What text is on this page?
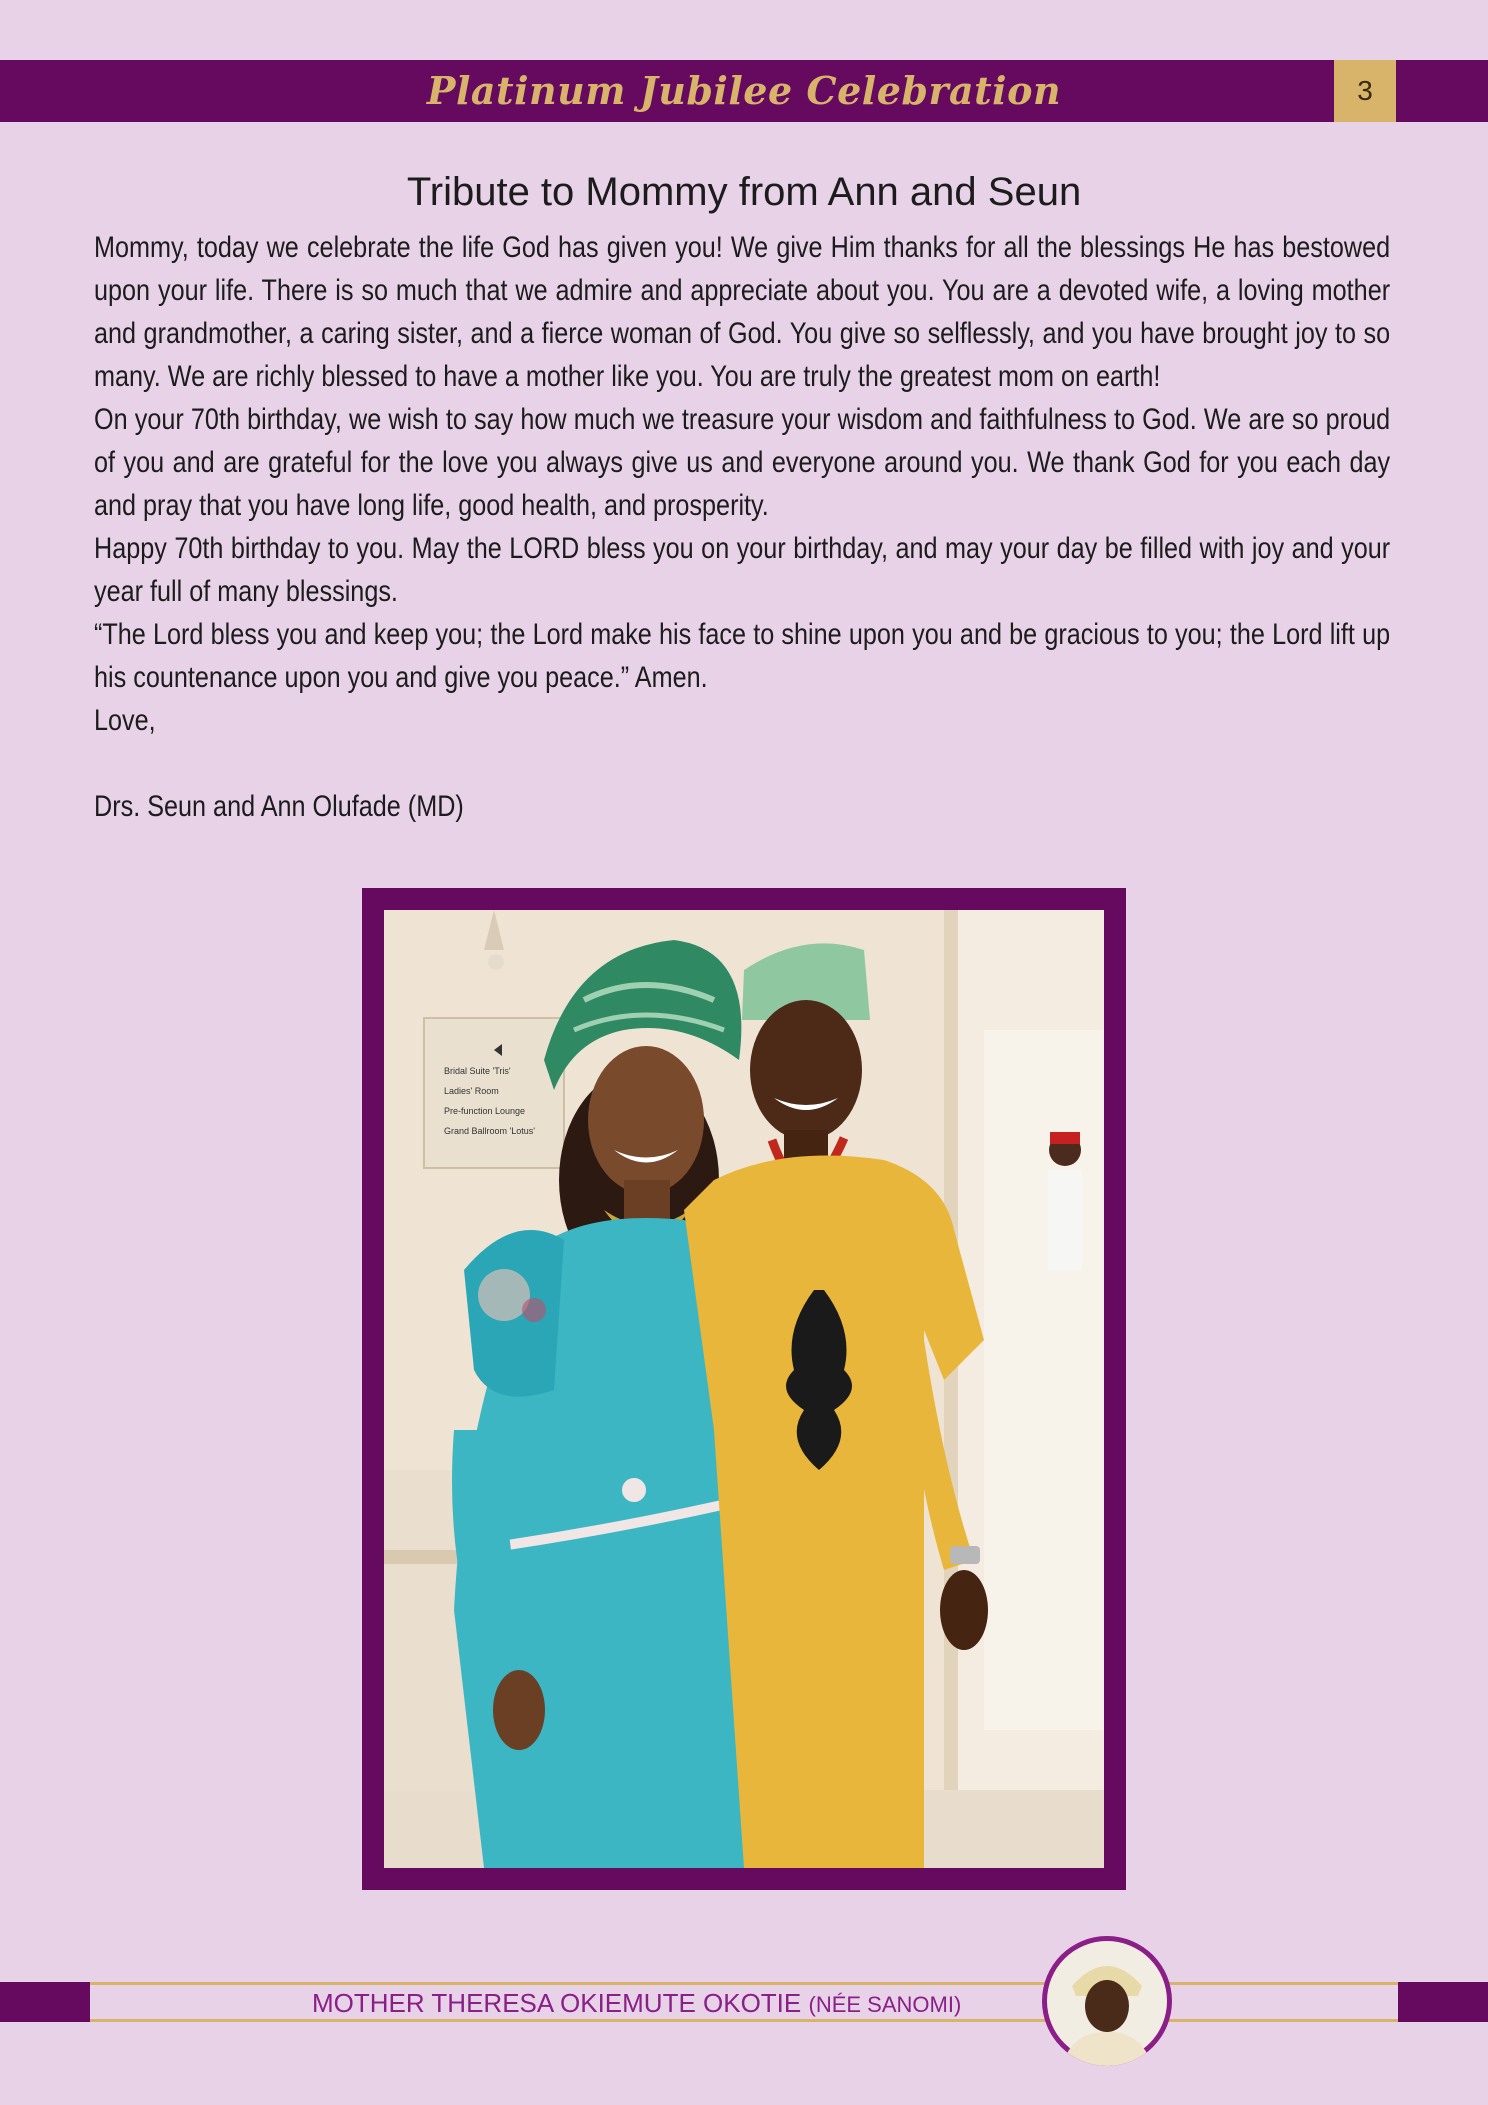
Platinum Jubilee Celebration	3
Tribute to Mommy from Ann and Seun

Mommy, today we celebrate the life God has given you! We give Him thanks for all the blessings He has bestowed upon your life. There is so much that we admire and appreciate about you. You are a devoted wife, a loving mother and grandmother, a caring sister, and a fierce woman of God. You give so selflessly, and you have brought joy to so many. We are richly blessed to have a mother like you. You are truly the greatest mom on earth!

On your 70th birthday, we wish to say how much we treasure your wisdom and faithfulness to God. We are so proud of you and are grateful for the love you always give us and everyone around you. We thank God for you each day and pray that you have long life, good health, and prosperity.

Happy 70th birthday to you. May the LORD bless you on your birthday, and may your day be filled with joy and your year full of many blessings.

“The Lord bless you and keep you; the Lord make his face to shine upon you and be gracious to you; the Lord lift up his countenance upon you and give you peace.” Amen.

Love,

Drs. Seun and Ann Olufade (MD)

Bridal Suite 'Tris'
Ladies' Room
Pre-function Lounge
Grand Ballroom 'Lotus'
MOTHER THERESA OKIEMUTE OKOTIE (NÉE SANOMI)
